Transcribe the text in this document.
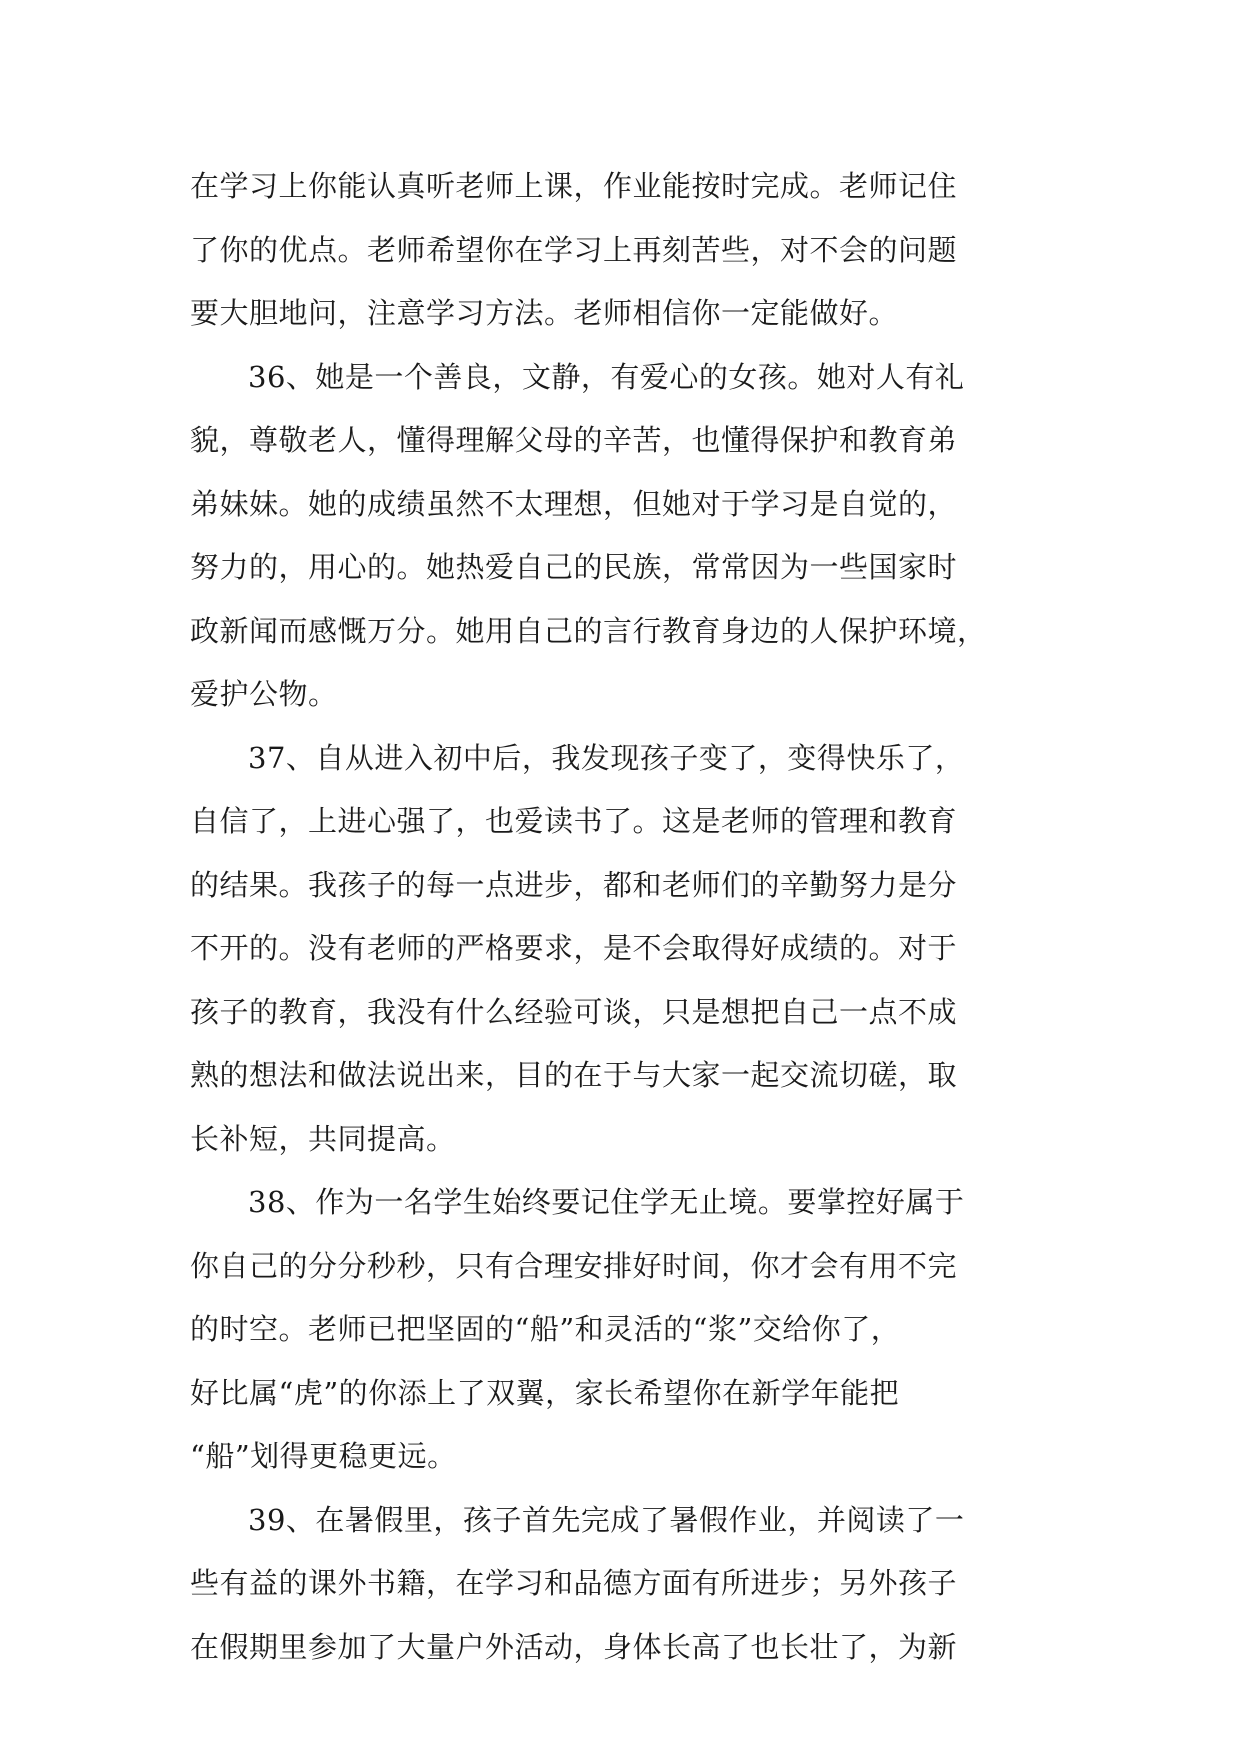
在学习上你能认真听老师上课，作业能按时完成。老师记住
了你的优点。老师希望你在学习上再刻苦些，对不会的问题
要大胆地问，注意学习方法。老师相信你一定能做好。
36、她是一个善良，文静，有爱心的女孩。她对人有礼
貌，尊敬老人，懂得理解父母的辛苦，也懂得保护和教育弟
弟妹妹。她的成绩虽然不太理想，但她对于学习是自觉的，
努力的，用心的。她热爱自己的民族，常常因为一些国家时
政新闻而感慨万分。她用自己的言行教育身边的人保护环境，
爱护公物。
37、自从进入初中后，我发现孩子变了，变得快乐了，
自信了，上进心强了，也爱读书了。这是老师的管理和教育
的结果。我孩子的每一点进步，都和老师们的辛勤努力是分
不开的。没有老师的严格要求，是不会取得好成绩的。对于
孩子的教育，我没有什么经验可谈，只是想把自己一点不成
熟的想法和做法说出来，目的在于与大家一起交流切磋，取
长补短，共同提高。
38、作为一名学生始终要记住学无止境。要掌控好属于
你自己的分分秒秒，只有合理安排好时间，你才会有用不完
的时空。老师已把坚固的“船”和灵活的“浆”交给你了，
好比属“虎”的你添上了双翼，家长希望你在新学年能把
“船”划得更稳更远。
39、在暑假里，孩子首先完成了暑假作业，并阅读了一
些有益的课外书籍，在学习和品德方面有所进步；另外孩子
在假期里参加了大量户外活动，身体长高了也长壮了，为新
